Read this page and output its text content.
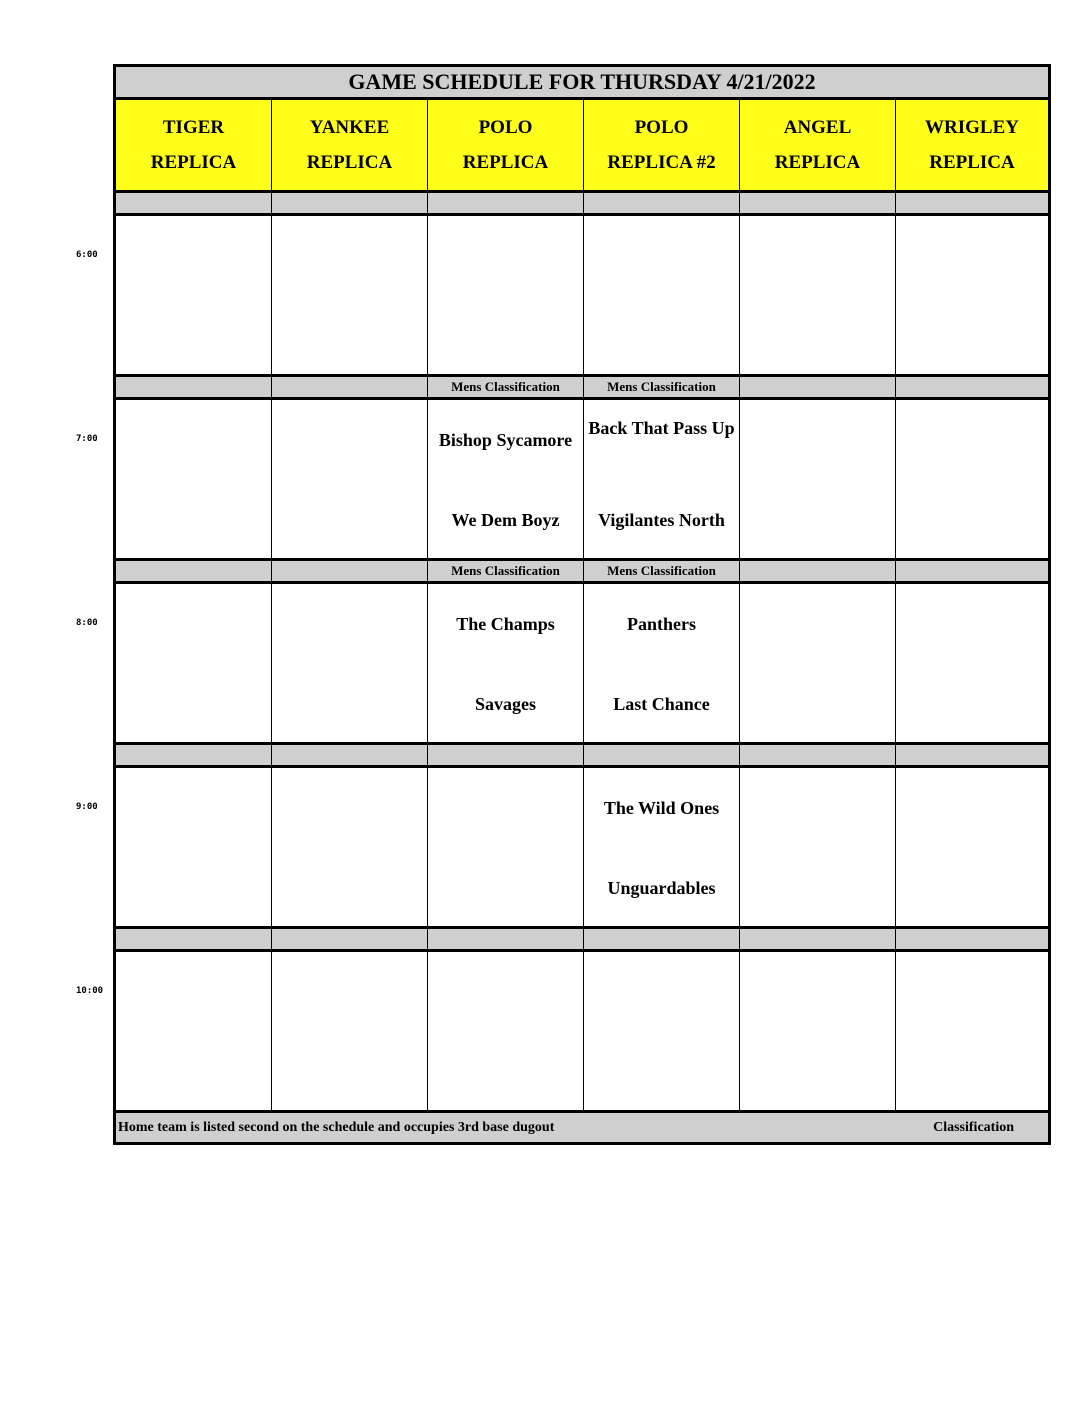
GAME SCHEDULE FOR THURSDAY 4/21/2022
TIGER
REPLICA
YANKEE
REPLICA
POLO
REPLICA
POLO
REPLICA #2
ANGEL
REPLICA
WRIGLEY
REPLICA
Mens Classification
Bishop Sycamore
We Dem Boyz
Mens Classification
Back That Pass Up
Vigilantes North
Mens Classification
The Champs
Savages
Mens Classification
Panthers
Last Chance
The Wild Ones
Unguardables
Home team is listed second on the schedule and occupies 3rd base dugout	Classification
6:00
7:00
8:00
9:00
10:00
